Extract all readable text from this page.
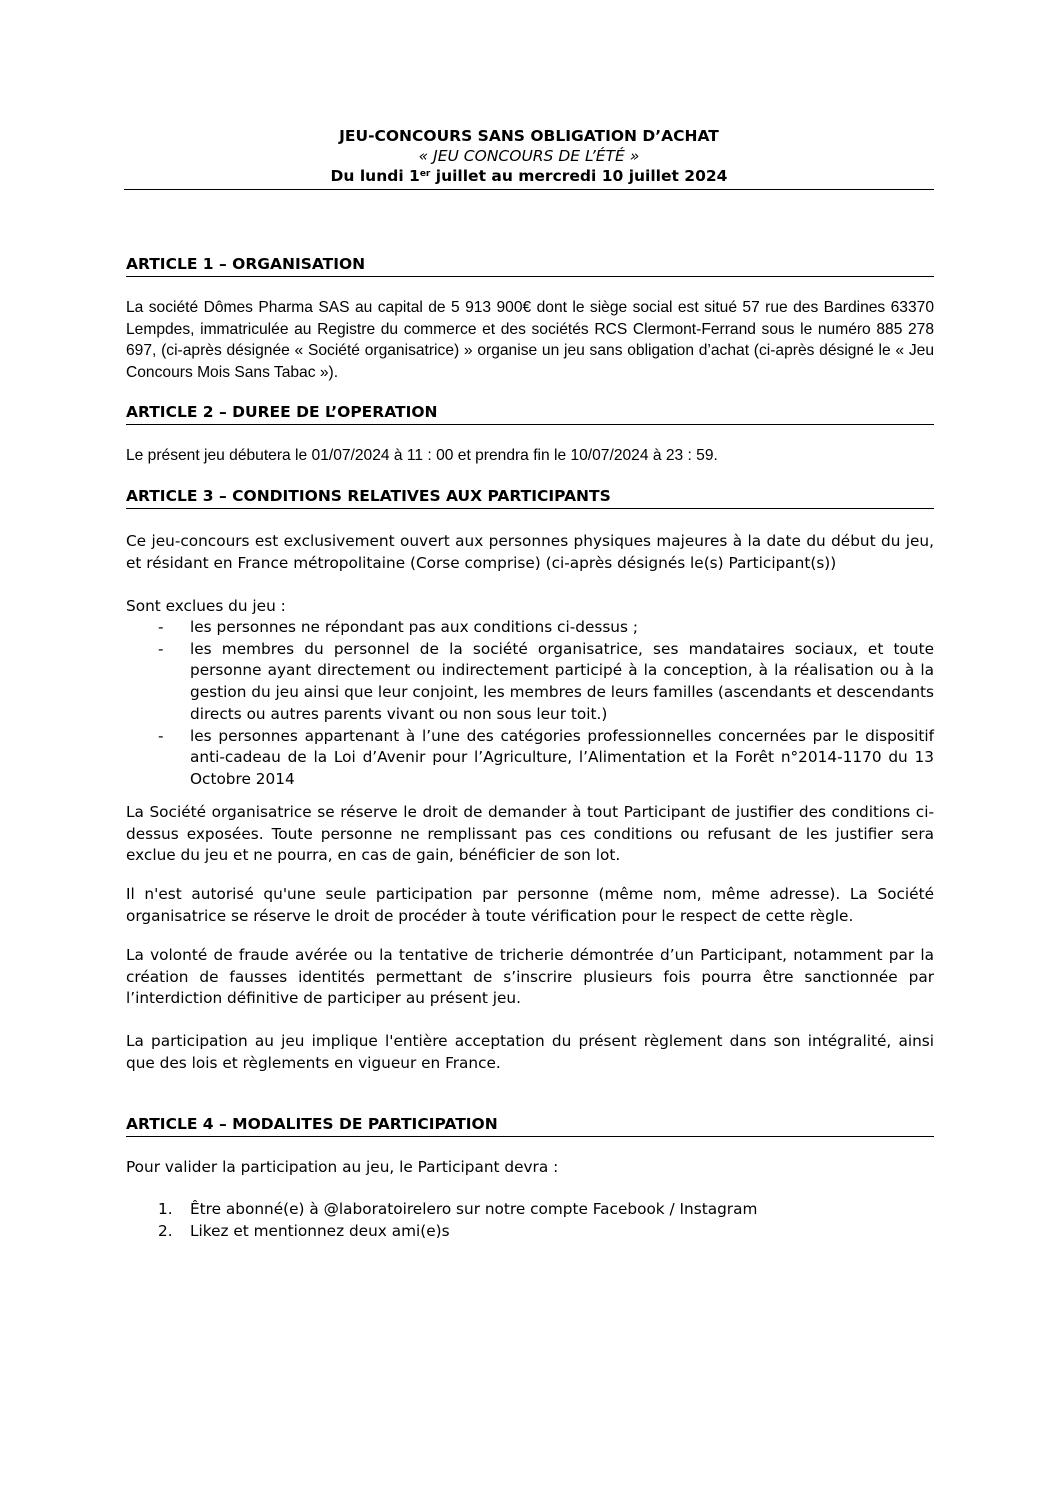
JEU-CONCOURS SANS OBLIGATION D’ACHAT
« JEU CONCOURS DE L’ÉTÉ »
Du lundi 1er juillet au mercredi 10 juillet 2024
ARTICLE 1 – ORGANISATION
La société Dômes Pharma SAS au capital de 5 913 900€ dont le siège social est situé 57 rue des Bardines 63370 Lempdes, immatriculée au Registre du commerce et des sociétés RCS Clermont-Ferrand sous le numéro 885 278 697, (ci-après désignée « Société organisatrice) » organise un jeu sans obligation d’achat (ci-après désigné le « Jeu Concours Mois Sans Tabac »).
ARTICLE 2 – DUREE DE L’OPERATION
Le présent jeu débutera le 01/07/2024 à 11 : 00 et prendra fin le 10/07/2024 à 23 : 59.
ARTICLE 3 – CONDITIONS RELATIVES AUX PARTICIPANTS
Ce jeu-concours est exclusivement ouvert aux personnes physiques majeures à la date du début du jeu, et résidant en France métropolitaine (Corse comprise) (ci-après désignés le(s) Participant(s))
Sont exclues du jeu :
- les personnes ne répondant pas aux conditions ci-dessus ;
- les membres du personnel de la société organisatrice, ses mandataires sociaux, et toute personne ayant directement ou indirectement participé à la conception, à la réalisation ou à la gestion du jeu ainsi que leur conjoint, les membres de leurs familles (ascendants et descendants directs ou autres parents vivant ou non sous leur toit.)
- les personnes appartenant à l’une des catégories professionnelles concernées par le dispositif anti-cadeau de la Loi d’Avenir pour l’Agriculture, l’Alimentation et la Forêt n°2014-1170 du 13 Octobre 2014
La Société organisatrice se réserve le droit de demander à tout Participant de justifier des conditions ci-dessus exposées. Toute personne ne remplissant pas ces conditions ou refusant de les justifier sera exclue du jeu et ne pourra, en cas de gain, bénéficier de son lot.
Il n'est autorisé qu'une seule participation par personne (même nom, même adresse). La Société organisatrice se réserve le droit de procéder à toute vérification pour le respect de cette règle.
La volonté de fraude avérée ou la tentative de tricherie démontrée d’un Participant, notamment par la création de fausses identités permettant de s’inscrire plusieurs fois pourra être sanctionnée par l’interdiction définitive de participer au présent jeu.
La participation au jeu implique l'entière acceptation du présent règlement dans son intégralité, ainsi que des lois et règlements en vigueur en France.
ARTICLE 4 – MODALITES DE PARTICIPATION
Pour valider la participation au jeu, le Participant devra :
1. Être abonné(e) à @laboratoirelero sur notre compte Facebook / Instagram
2. Likez et mentionnez deux ami(e)s
